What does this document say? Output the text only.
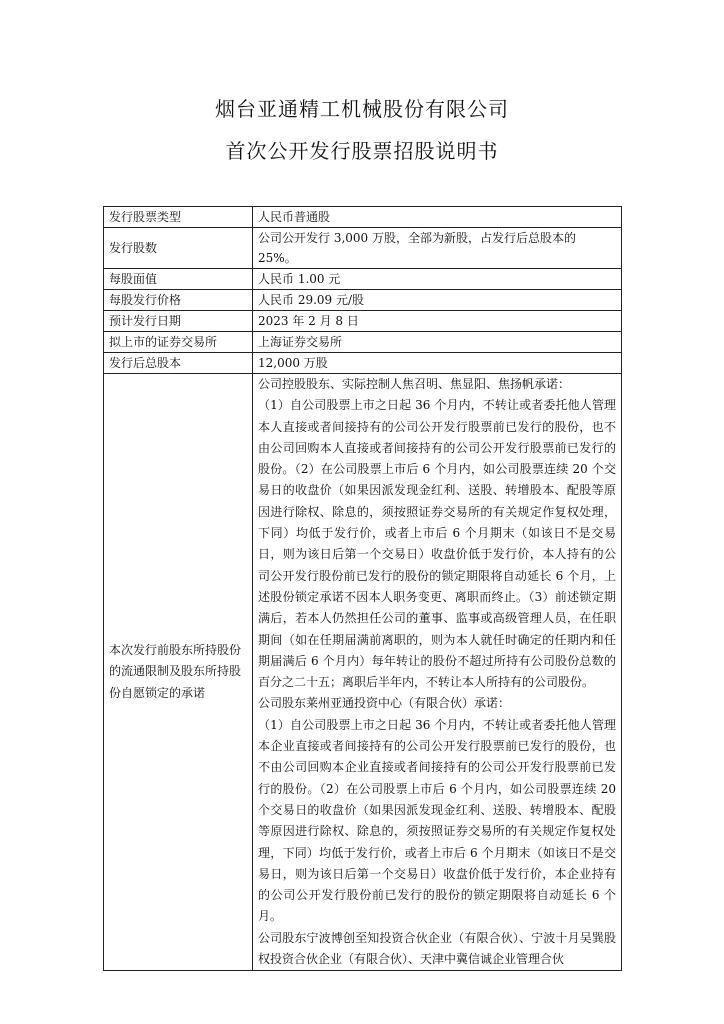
烟台亚通精工机械股份有限公司
首次公开发行股票招股说明书
发行股票类型	人民币普通股
发行股数	公司公开发行 3,000 万股，全部为新股，占发行后总股本的 25%。
每股面值	人民币 1.00 元
每股发行价格	人民币 29.09 元/股
预计发行日期	2023 年 2 月 8 日
拟上市的证券交易所	上海证券交易所
发行后总股本	12,000 万股
本次发行前股东所持股份的流通限制及股东所持股份自愿锁定的承诺	公司控股股东、实际控制人焦召明、焦显阳、焦扬帆承诺：

（1）自公司股票上市之日起 36 个月内，不转让或者委托他人管理本人直接或者间接持有的公司公开发行股票前已发行的股份，也不由公司回购本人直接或者间接持有的公司公开发行股票前已发行的股份。（2）在公司股票上市后 6 个月内，如公司股票连续 20 个交易日的收盘价（如果因派发现金红利、送股、转增股本、配股等原因进行除权、除息的，须按照证券交易所的有关规定作复权处理，下同）均低于发行价，或者上市后 6 个月期末（如该日不是交易日，则为该日后第一个交易日）收盘价低于发行价，本人持有的公司公开发行股份前已发行的股份的锁定期限将自动延长 6 个月，上述股份锁定承诺不因本人职务变更、离职而终止。（3）前述锁定期满后，若本人仍然担任公司的董事、监事或高级管理人员，在任职期间（如在任期届满前离职的，则为本人就任时确定的任期内和任期届满后 6 个月内）每年转让的股份不超过所持有公司股份总数的百分之二十五；离职后半年内，不转让本人所持有的公司股份。

公司股东莱州亚通投资中心（有限合伙）承诺：

（1）自公司股票上市之日起 36 个月内，不转让或者委托他人管理本企业直接或者间接持有的公司公开发行股票前已发行的股份，也不由公司回购本企业直接或者间接持有的公司公开发行股票前已发行的股份。（2）在公司股票上市后 6 个月内，如公司股票连续 20 个交易日的收盘价（如果因派发现金红利、送股、转增股本、配股等原因进行除权、除息的，须按照证券交易所的有关规定作复权处理，下同）均低于发行价，或者上市后 6 个月期末（如该日不是交易日，则为该日后第一个交易日）收盘价低于发行价，本企业持有的公司公开发行股份前已发行的股份的锁定期限将自动延长 6 个月。

公司股东宁波博创至知投资合伙企业（有限合伙）、宁波十月吴巽股权投资合伙企业（有限合伙）、天津中冀信诚企业管理合伙
